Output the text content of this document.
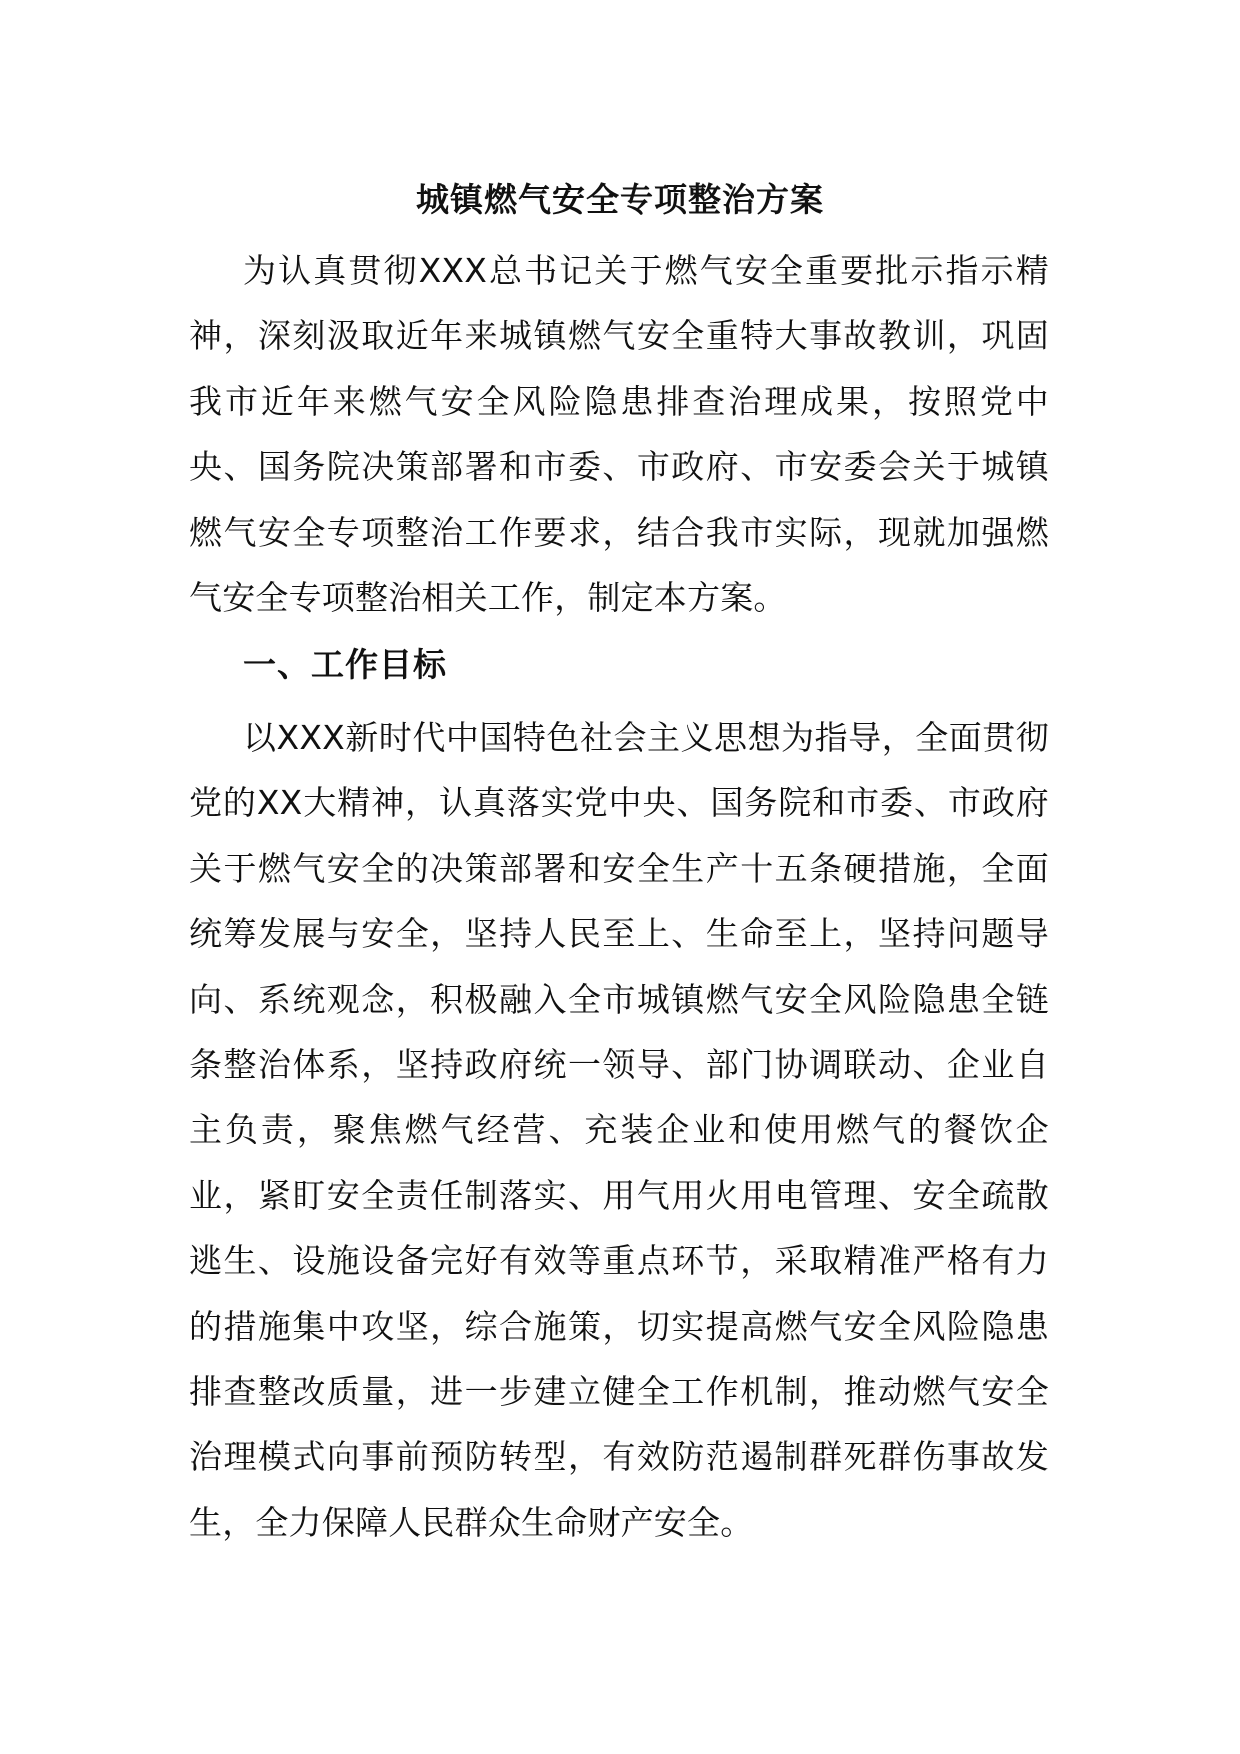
城镇燃气安全专项整治方案

为认真贯彻XXX总书记关于燃气安全重要批示指示精神，深刻汲取近年来城镇燃气安全重特大事故教训，巩固我市近年来燃气安全风险隐患排查治理成果，按照党中央、国务院决策部署和市委、市政府、市安委会关于城镇燃气安全专项整治工作要求，结合我市实际，现就加强燃气安全专项整治相关工作，制定本方案。

一、工作目标

以XXX新时代中国特色社会主义思想为指导，全面贯彻党的XX大精神，认真落实党中央、国务院和市委、市政府关于燃气安全的决策部署和安全生产十五条硬措施，全面统筹发展与安全，坚持人民至上、生命至上，坚持问题导向、系统观念，积极融入全市城镇燃气安全风险隐患全链条整治体系，坚持政府统一领导、部门协调联动、企业自主负责，聚焦燃气经营、充装企业和使用燃气的餐饮企业，紧盯安全责任制落实、用气用火用电管理、安全疏散逃生、设施设备完好有效等重点环节，采取精准严格有力的措施集中攻坚，综合施策，切实提高燃气安全风险隐患排查整改质量，进一步建立健全工作机制，推动燃气安全治理模式向事前预防转型，有效防范遏制群死群伤事故发生，全力保障人民群众生命财产安全。
